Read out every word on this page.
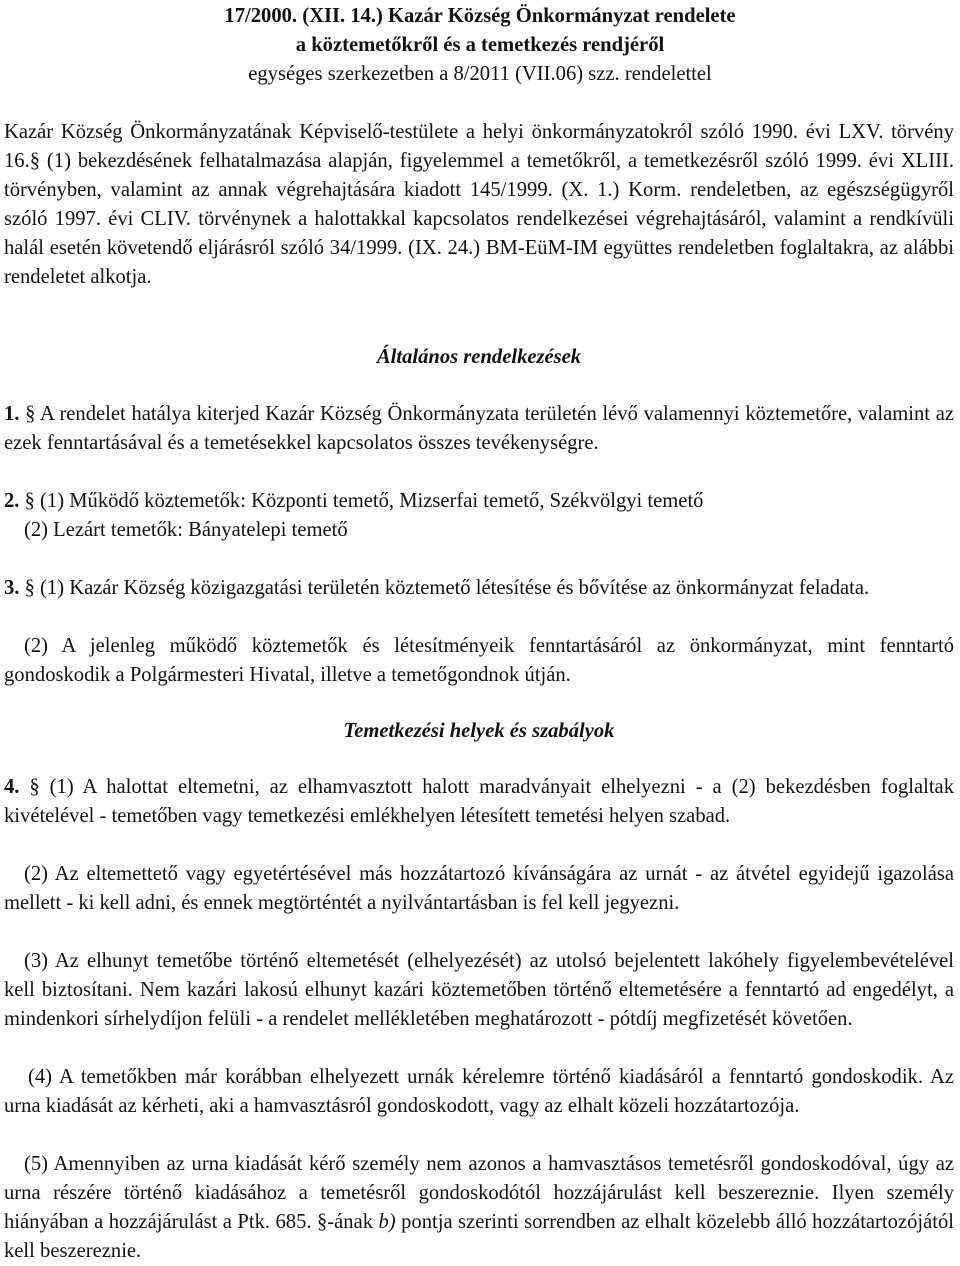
17/2000. (XII. 14.) Kazár Község Önkormányzat rendelete

a köztemetőkről és a temetkezés rendjéről

egységes szerkezetben a 8/2011 (VII.06) szz. rendelettel

Kazár Község Önkormányzatának Képviselő-testülete a helyi önkormányzatokról szóló 1990. évi LXV. törvény 16.§ (1) bekezdésének felhatalmazása alapján, figyelemmel a temetőkről, a temetkezésről szóló 1999. évi XLIII. törvényben, valamint az annak végrehajtására kiadott 145/1999. (X. 1.) Korm. rendeletben, az egészségügyről szóló 1997. évi CLIV. törvénynek a halottakkal kapcsolatos rendelkezései végrehajtásáról, valamint a rendkívüli halál esetén követendő eljárásról szóló 34/1999. (IX. 24.) BM-EüM-IM együttes rendeletben foglaltakra, az alábbi rendeletet alkotja.

Általános rendelkezések

1. § A rendelet hatálya kiterjed Kazár Község Önkormányzata területén lévő valamennyi köztemetőre, valamint az ezek fenntartásával és a temetésekkel kapcsolatos összes tevékenységre.

2. § (1) Működő köztemetők: Központi temető, Mizserfai temető, Székvölgyi temető

(2) Lezárt temetők: Bányatelepi temető

3. § (1) Kazár Község közigazgatási területén köztemető létesítése és bővítése az önkormányzat feladata.

(2) A jelenleg működő köztemetők és létesítményeik fenntartásáról az önkormányzat, mint fenntartó gondoskodik a Polgármesteri Hivatal, illetve a temetőgondnok útján.

Temetkezési helyek és szabályok

4. § (1) A halottat eltemetni, az elhamvasztott halott maradványait elhelyezni - a (2) bekezdésben foglaltak kivételével - temetőben vagy temetkezési emlékhelyen létesített temetési helyen szabad.

(2) Az eltemettető vagy egyetértésével más hozzátartozó kívánságára az urnát - az átvétel egyidejű igazolása mellett - ki kell adni, és ennek megtörténtét a nyilvántartásban is fel kell jegyezni.

(3) Az elhunyt temetőbe történő eltemetését (elhelyezését) az utolsó bejelentett lakóhely figyelembevételével kell biztosítani. Nem kazári lakosú elhunyt kazári köztemetőben történő eltemetésére a fenntartó ad engedélyt, a mindenkori sírhelydíjon felüli - a rendelet mellékletében meghatározott - pótdíj megfizetését követően.

(4) A temetőkben már korábban elhelyezett urnák kérelemre történő kiadásáról a fenntartó gondoskodik. Az urna kiadását az kérheti, aki a hamvasztásról gondoskodott, vagy az elhalt közeli hozzátartozója.

(5) Amennyiben az urna kiadását kérő személy nem azonos a hamvasztásos temetésről gondoskodóval, úgy az urna részére történő kiadásához a temetésről gondoskodótól hozzájárulást kell beszereznie. Ilyen személy hiányában a hozzájárulást a Ptk. 685. §-ának b) pontja szerinti sorrendben az elhalt közelebb álló hozzátartozójától kell beszereznie.
